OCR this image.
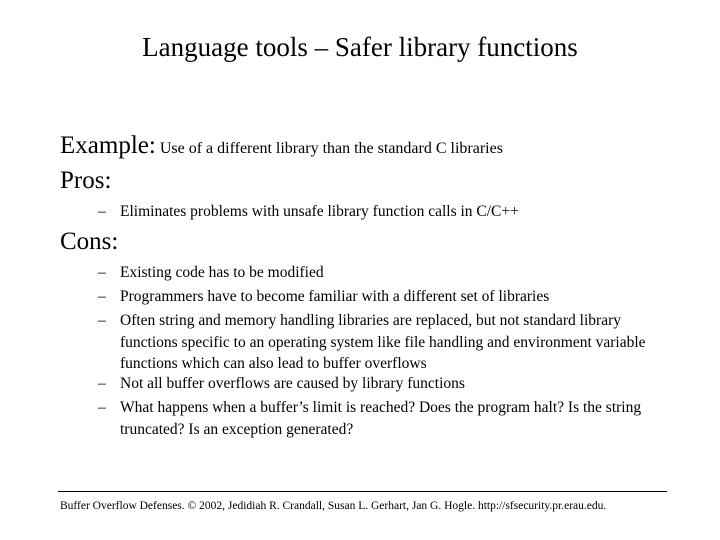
Language tools – Safer library functions
Example: Use of a different library than the standard C libraries
Pros:
– Eliminates problems with unsafe library function calls in C/C++
Cons:
– Existing code has to be modified
– Programmers have to become familiar with a different set of libraries
– Often string and memory handling libraries are replaced, but not standard library functions specific to an operating system like file handling and environment variable functions which can also lead to buffer overflows
– Not all buffer overflows are caused by library functions
– What happens when a buffer’s limit is reached? Does the program halt? Is the string truncated? Is an exception generated?
Buffer Overflow Defenses. © 2002, Jedidiah R. Crandall, Susan L. Gerhart, Jan G. Hogle. http://sfsecurity.pr.erau.edu.
